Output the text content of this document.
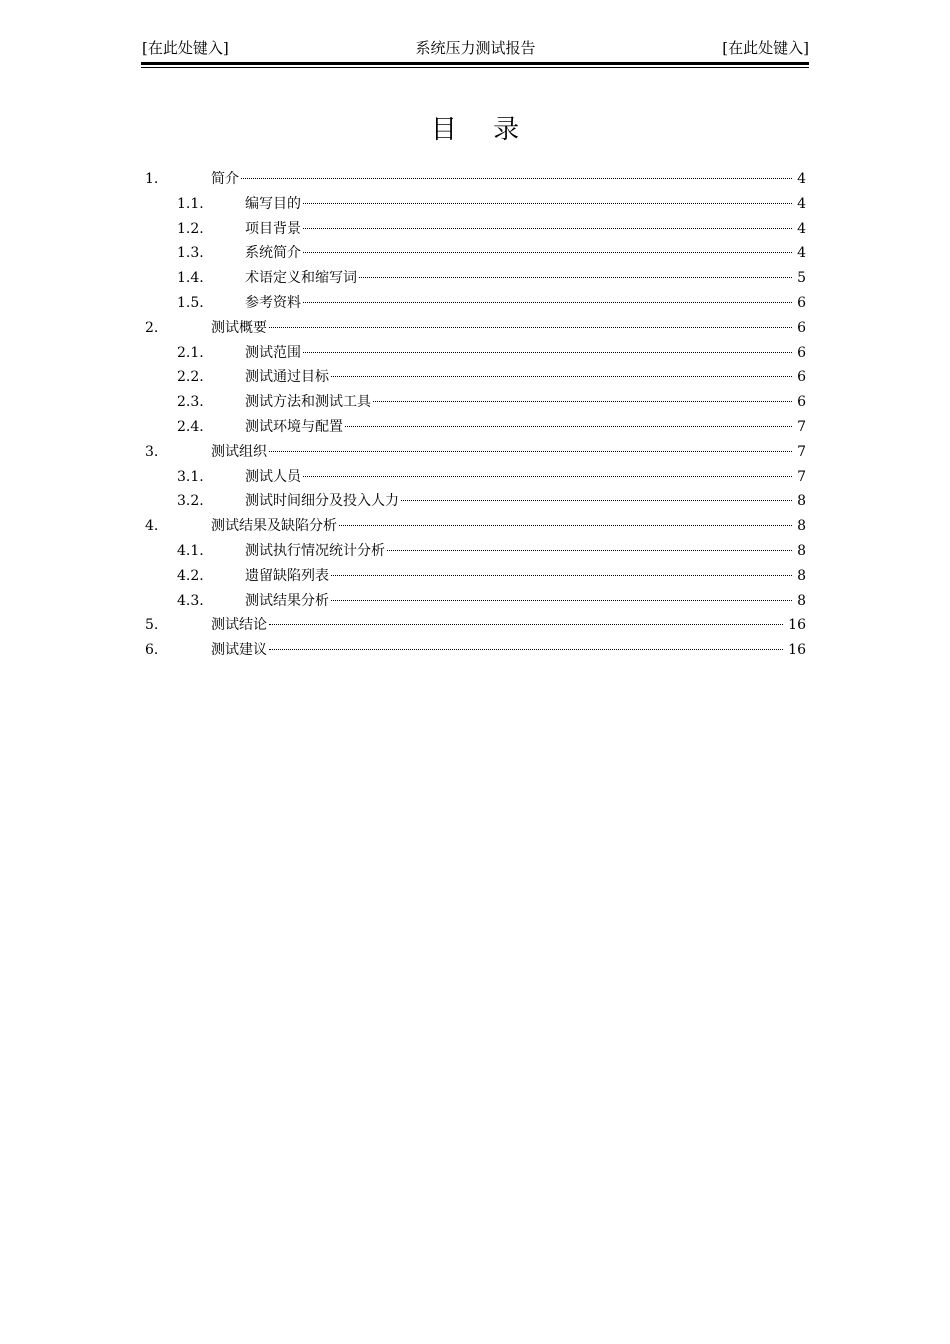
[在此处键入]	系统压力测试报告	[在此处键入]
目 录
1.	简介	4
1.1.	编写目的	4
1.2.	项目背景	4
1.3.	系统简介	4
1.4.	术语定义和缩写词	5
1.5.	参考资料	6
2.	测试概要	6
2.1.	测试范围	6
2.2.	测试通过目标	6
2.3.	测试方法和测试工具	6
2.4.	测试环境与配置	7
3.	测试组织	7
3.1.	测试人员	7
3.2.	测试时间细分及投入人力	8
4.	测试结果及缺陷分析	8
4.1.	测试执行情况统计分析	8
4.2.	遗留缺陷列表	8
4.3.	测试结果分析	8
5.	测试结论	16
6.	测试建议	16
